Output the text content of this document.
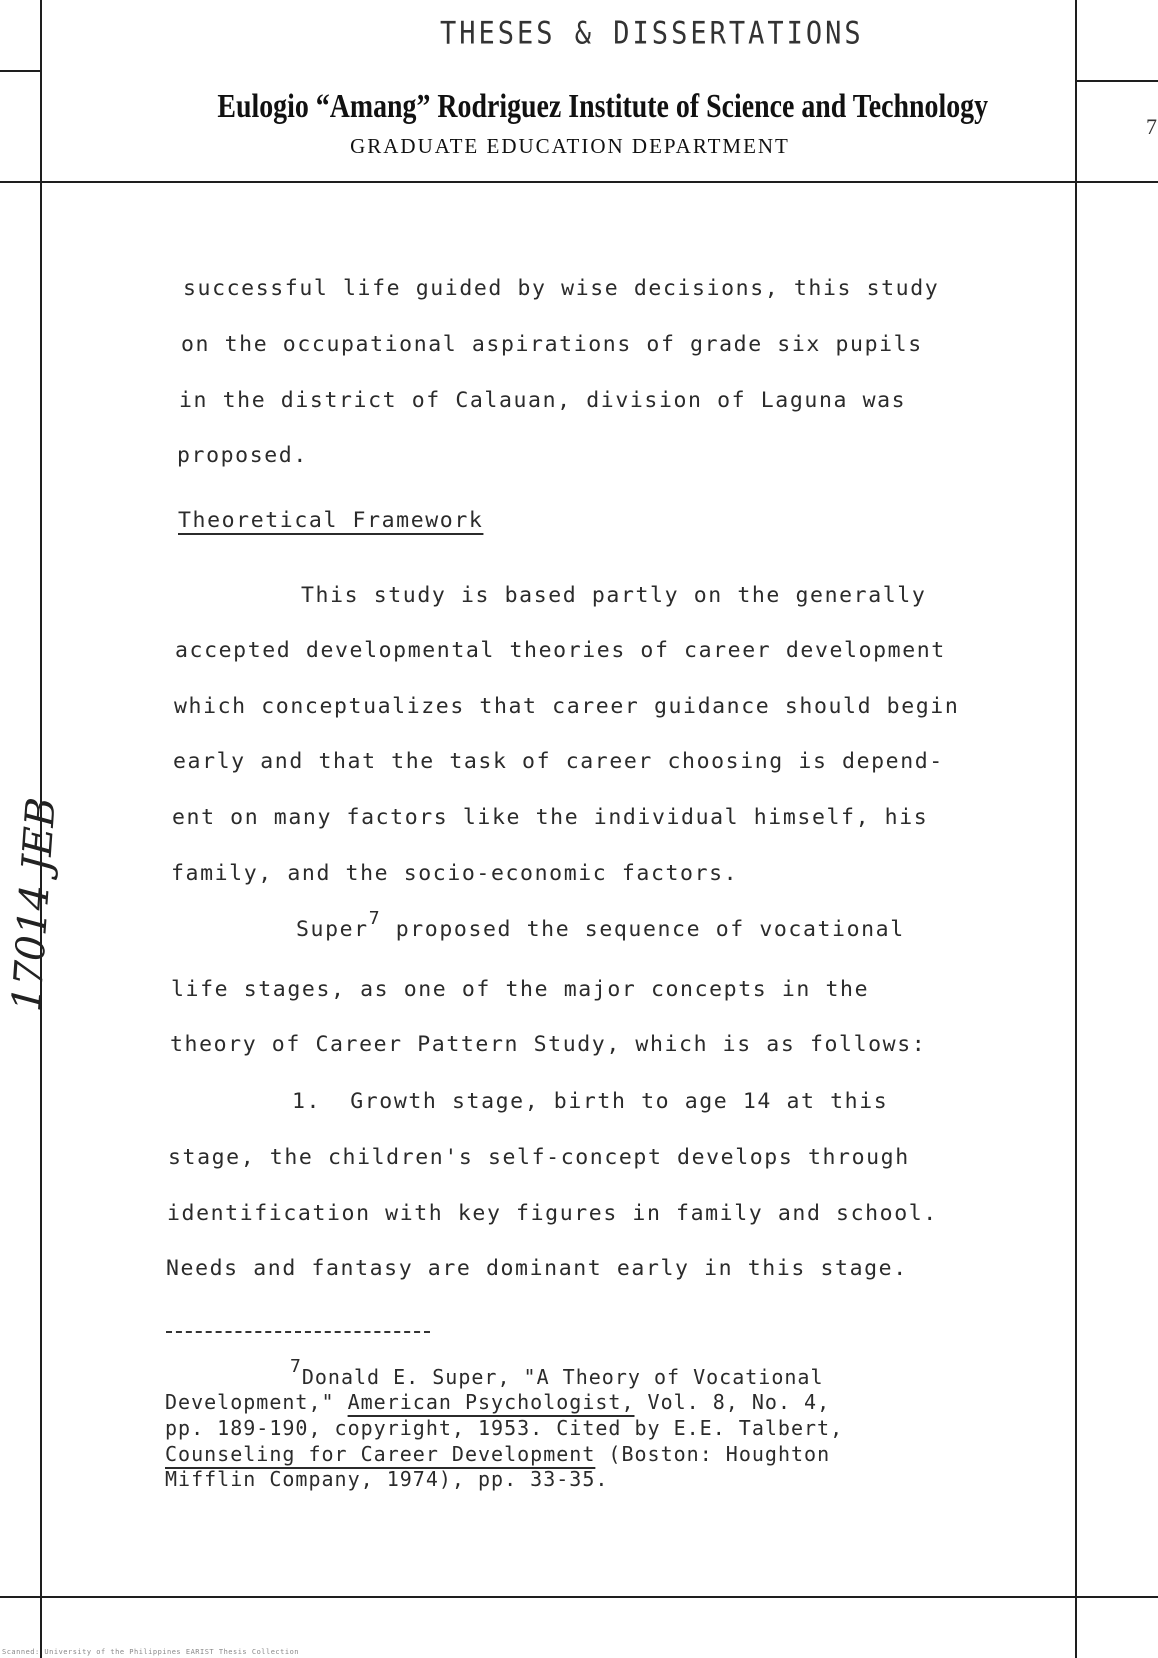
THESES & DISSERTATIONS
Eulogio “Amang” Rodriguez Institute of Science and Technology
GRADUATE EDUCATION DEPARTMENT
7
successful life guided by wise decisions, this study
on the occupational aspirations of grade six pupils
in the district of Calauan, division of Laguna was
proposed.
Theoretical Framework
This study is based partly on the generally
accepted developmental theories of career development
which conceptualizes that career guidance should begin
early and that the task of career choosing is depend-
ent on many factors like the individual himself, his
family, and the socio-economic factors.
Super$^7$ proposed the sequence of vocational
life stages, as one of the major concepts in the
theory of Career Pattern Study, which is as follows:
1. Growth stage, birth to age 14 at this
stage, the children's self-concept develops through
identification with key figures in family and school.
Needs and fantasy are dominant early in this stage.
7Donald E. Super, "A Theory of Vocational
Development," American Psychologist, Vol. 8, No. 4,
pp. 189-190, copyright, 1953. Cited by E.E. Talbert,
Counseling for Career Development (Boston: Houghton
Mifflin Company, 1974), pp. 33-35.
17014 JEB
Scanned: University of the Philippines EARIST Thesis Collection
